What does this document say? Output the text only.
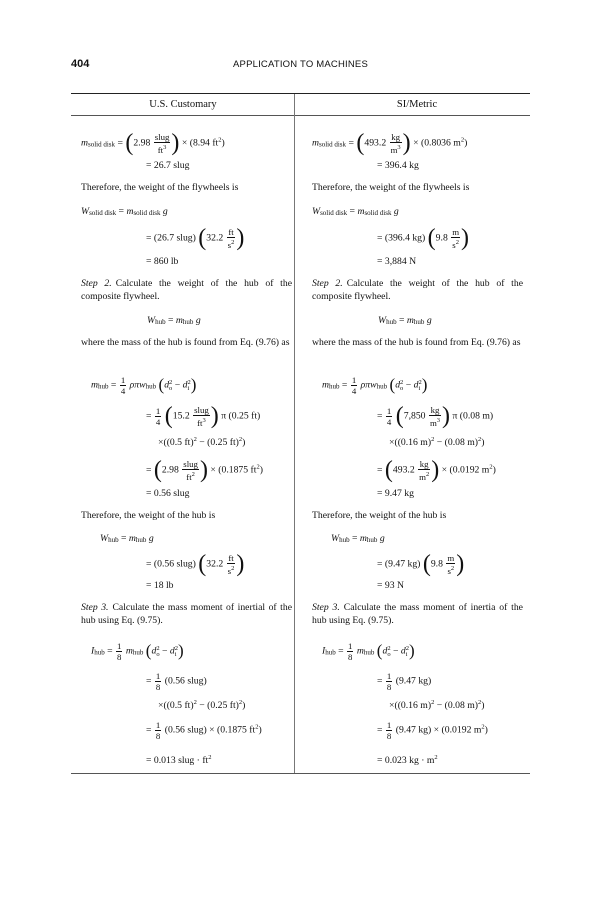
404	APPLICATION TO MACHINES
U.S. Customary	SI/Metric
msolid disk = ($2.98 \frac{\text{slug}}{ft^3}$ ) × (8.94 $ft^2$)
= 26.7 slug
Therefore, the weight of the flywheels is
Wsolid disk = msolid disk g
= (26.7 slug) ($32.2 \frac{ft}{s^2}$ )
= 860 lb
Step 2. Calculate the weight of the hub of the composite flywheel.
Whub = mhub g
where the mass of the hub is found from Eq. (9.76) as
mhub = $\frac{1}{4}$ ρπwhub (d 2
o − d 2
i )
= $\frac{1}{4} (15.2 \frac{\text{slug}}{ft^3}$ ) π (0.25 ft)
×((0.5 ft)$^2$ − (0.25 ft)$^2$)
= ($2.98 \frac{\text{slug}}{ft^2}$ ) × (0.1875 $ft^2$)
= 0.56 slug
Therefore, the weight of the hub is
Whub = mhub g
= (0.56 slug) ($32.2 \frac{ft}{s^2}$ )
= 18 lb
Step 3. Calculate the mass moment of inertial of the hub using Eq. (9.75).
Ihub = $\frac{1}{8}$ mhub (d 2
o − d 2
i )
= $\frac{1}{8} (0.56$ slug)
×((0.5 ft)$^2$ − (0.25 ft)$^2$)
= $\frac{1}{8} (0.56$ slug) × (0.1875 $ft^2$)
= 0.013 slug · $ft^2$
msolid disk = ($493.2 \frac{kg}{m^3}$ ) × (0.8036 $m^2$)
= 396.4 kg
Therefore, the weight of the flywheels is
Wsolid disk = msolid disk g
= (396.4 kg) ($9.8 \frac{m}{s^2}$ )
= 3,884 N
Step 2. Calculate the weight of the hub of the composite flywheel.
Whub = mhub g
where the mass of the hub is found from Eq. (9.76) as
mhub = $\frac{1}{4}$ ρπwhub (d 2
o − d 2
i )
= $\frac{1}{4} (7,850 \frac{kg}{m^3}$ ) π (0.08 m)
×((0.16 m)$^2$ − (0.08 m)$^2$)
= ($493.2 \frac{kg}{m^2}$ ) × (0.0192 $m^2$)
= 9.47 kg
Therefore, the weight of the hub is
Whub = mhub g
= (9.47 kg) ($9.8 \frac{m}{s^2}$ )
= 93 N
Step 3. Calculate the mass moment of inertia of the hub using Eq. (9.75).
Ihub = $\frac{1}{8}$ mhub (d 2
o − d 2
i )
= $\frac{1}{8} (9.47$ kg)
×((0.16 m)$^2$ − (0.08 m)$^2$)
= $\frac{1}{8} (9.47$ kg) × (0.0192 $m^2$)
= 0.023 kg · $m^2$
